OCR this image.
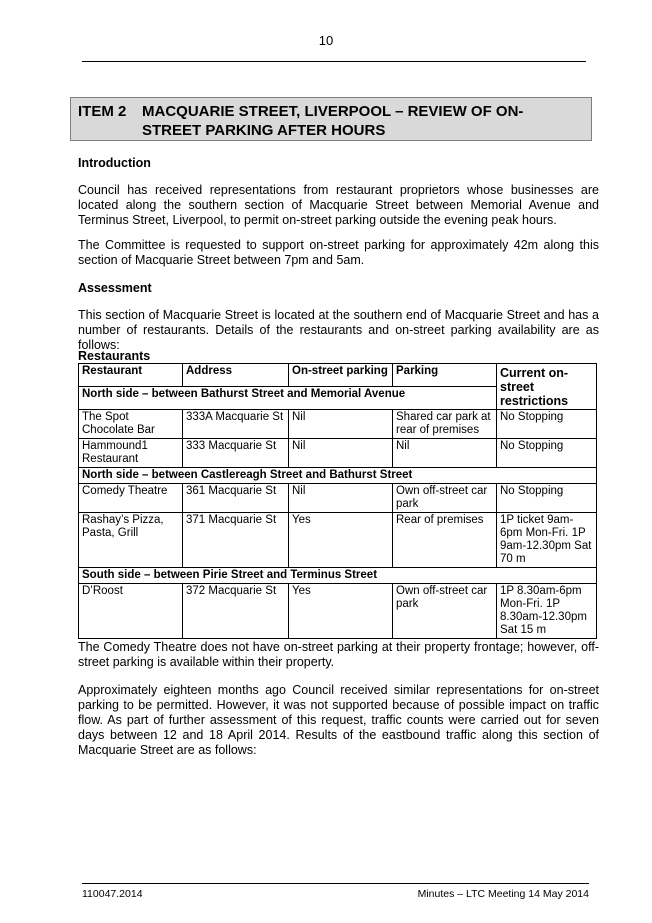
10
ITEM 2 MACQUARIE STREET, LIVERPOOL – REVIEW OF ON-STREET PARKING AFTER HOURS
Introduction
Council has received representations from restaurant proprietors whose businesses are located along the southern section of Macquarie Street between Memorial Avenue and Terminus Street, Liverpool, to permit on-street parking outside the evening peak hours.
The Committee is requested to support on-street parking for approximately 42m along this section of Macquarie Street between 7pm and 5am.
Assessment
This section of Macquarie Street is located at the southern end of Macquarie Street and has a number of restaurants. Details of the restaurants and on-street parking availability are as follows:
Restaurants
Restaurant	Address	On-street parking	Parking	Current on-street restrictions
North side – between Bathurst Street and Memorial Avenue				
The Spot Chocolate Bar	333A Macquarie St	Nil	Shared car park at rear of premises	No Stopping
Hammound1 Restaurant	333 Macquarie St	Nil	Nil	No Stopping
North side – between Castlereagh Street and Bathurst Street				
Comedy Theatre	361 Macquarie St	Nil	Own off-street car park	No Stopping
Rashay’s Pizza, Pasta, Grill	371 Macquarie St	Yes	Rear of premises	1P ticket 9am-6pm Mon-Fri. 1P 9am-12.30pm Sat 70 m
South side – between Pirie Street and Terminus Street				
D’Roost	372 Macquarie St	Yes	Own off-street car park	1P 8.30am-6pm Mon-Fri. 1P 8.30am-12.30pm Sat 15 m
The Comedy Theatre does not have on-street parking at their property frontage; however, off-street parking is available within their property.
Approximately eighteen months ago Council received similar representations for on-street parking to be permitted. However, it was not supported because of possible impact on traffic flow. As part of further assessment of this request, traffic counts were carried out for seven days between 12 and 18 April 2014. Results of the eastbound traffic along this section of Macquarie Street are as follows:
110047.2014	Minutes – LTC Meeting 14 May 2014
